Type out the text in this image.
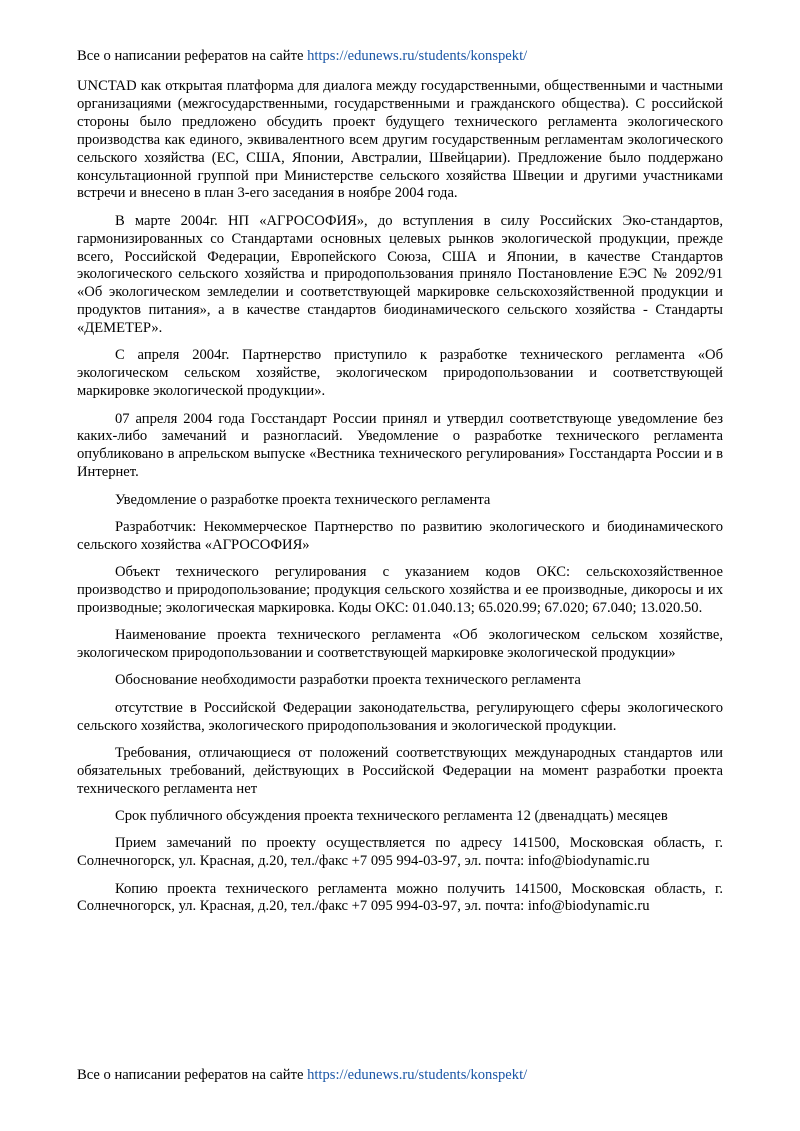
Все о написании рефератов на сайте https://edunews.ru/students/konspekt/

UNCTAD как открытая платформа для диалога между государственными, общественными и частными организациями (межгосударственными, государственными и гражданского общества). С российской стороны было предложено обсудить проект будущего технического регламента экологического производства как единого, эквивалентного всем другим государственным регламентам экологического сельского хозяйства (ЕС, США, Японии, Австралии, Швейцарии). Предложение было поддержано консультационной группой при Министерстве сельского хозяйства Швеции и другими участниками встречи и внесено в план 3-его заседания в ноябре 2004 года.

В марте 2004г. НП «АГРОСОФИЯ», до вступления в силу Российских Эко-стандартов, гармонизированных со Стандартами основных целевых рынков экологической продукции, прежде всего, Российской Федерации, Европейского Союза, США и Японии, в качестве Стандартов экологического сельского хозяйства и природопользования приняло Постановление ЕЭС № 2092/91 «Об экологическом земледелии и соответствующей маркировке сельскохозяйственной продукции и продуктов питания», а в качестве стандартов биодинамического сельского хозяйства - Стандарты «ДЕМЕТЕР».

С апреля 2004г. Партнерство приступило к разработке технического регламента «Об экологическом сельском хозяйстве, экологическом природопользовании и соответствующей маркировке экологической продукции».

07 апреля 2004 года Госстандарт России принял и утвердил соответствующе уведомление без каких-либо замечаний и разногласий. Уведомление о разработке технического регламента опубликовано в апрельском выпуске «Вестника технического регулирования» Госстандарта России и в Интернет.

Уведомление о разработке проекта технического регламента

Разработчик: Некоммерческое Партнерство по развитию экологического и биодинамического сельского хозяйства «АГРОСОФИЯ»

Объект технического регулирования с указанием кодов ОКС: сельскохозяйственное производство и природопользование; продукция сельского хозяйства и ее производные, дикоросы и их производные; экологическая маркировка. Коды ОКС: 01.040.13; 65.020.99; 67.020; 67.040; 13.020.50.

Наименование проекта технического регламента «Об экологическом сельском хозяйстве, экологическом природопользовании и соответствующей маркировке экологической продукции»

Обоснование необходимости разработки проекта технического регламента

отсутствие в Российской Федерации законодательства, регулирующего сферы экологического сельского хозяйства, экологического природопользования и экологической продукции.

Требования, отличающиеся от положений соответствующих международных стандартов или обязательных требований, действующих в Российской Федерации на момент разработки проекта технического регламента нет

Срок публичного обсуждения проекта технического регламента 12 (двенадцать) месяцев

Прием замечаний по проекту осуществляется по адресу 141500, Московская область, г. Солнечногорск, ул. Красная, д.20, тел./факс +7 095 994-03-97, эл. почта: info@biodynamic.ru

Копию проекта технического регламента можно получить 141500, Московская область, г. Солнечногорск, ул. Красная, д.20, тел./факс +7 095 994-03-97, эл. почта: info@biodynamic.ru

Все о написании рефератов на сайте https://edunews.ru/students/konspekt/
